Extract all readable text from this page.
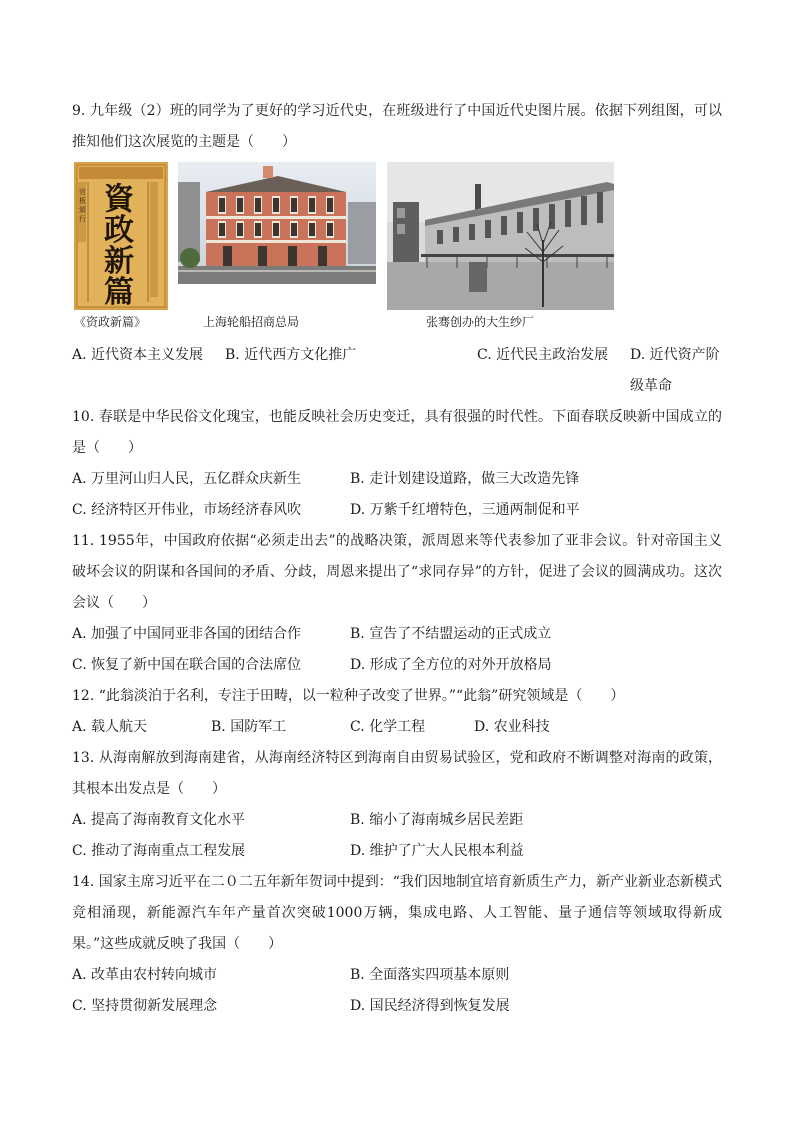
9. 九年级（2）班的同学为了更好的学习近代史，在班级进行了中国近代史图片展。依据下列组图，可以推知他们这次展览的主题是（　　）

資政新篇
官板頒行
《资政新篇》	上海轮船招商总局	张骞创办的大生纱厂
A. 近代资本主义发展	B. 近代西方文化推广	C. 近代民主政治发展	D. 近代资产阶级革命

10. 春联是中华民俗文化瑰宝，也能反映社会历史变迁，具有很强的时代性。下面春联反映新中国成立的是（　　）

A. 万里河山归人民，五亿群众庆新生	B. 走计划建设道路，做三大改造先锋
C. 经济特区开伟业，市场经济春风吹	D. 万紫千红增特色，三通两制促和平

11. 1955年，中国政府依据“必须走出去”的战略决策，派周恩来等代表参加了亚非会议。针对帝国主义破坏会议的阴谋和各国间的矛盾、分歧，周恩来提出了“求同存异”的方针，促进了会议的圆满成功。这次会议（　　）

A. 加强了中国同亚非各国的团结合作	B. 宣告了不结盟运动的正式成立
C. 恢复了新中国在联合国的合法席位	D. 形成了全方位的对外开放格局

12. “此翁淡泊于名利，专注于田畴，以一粒种子改变了世界。”“此翁”研究领域是（　　）

A. 载人航天	B. 国防军工	C. 化学工程	D. 农业科技

13. 从海南解放到海南建省，从海南经济特区到海南自由贸易试验区，党和政府不断调整对海南的政策，其根本出发点是（　　）

A. 提高了海南教育文化水平	B. 缩小了海南城乡居民差距
C. 推动了海南重点工程发展	D. 维护了广大人民根本利益

14. 国家主席习近平在二０二五年新年贺词中提到：“我们因地制宜培育新质生产力，新产业新业态新模式竞相涌现，新能源汽车年产量首次突破1000万辆，集成电路、人工智能、量子通信等领域取得新成果。”这些成就反映了我国（　　）

A. 改革由农村转向城市	B. 全面落实四项基本原则
C. 坚持贯彻新发展理念	D. 国民经济得到恢复发展
